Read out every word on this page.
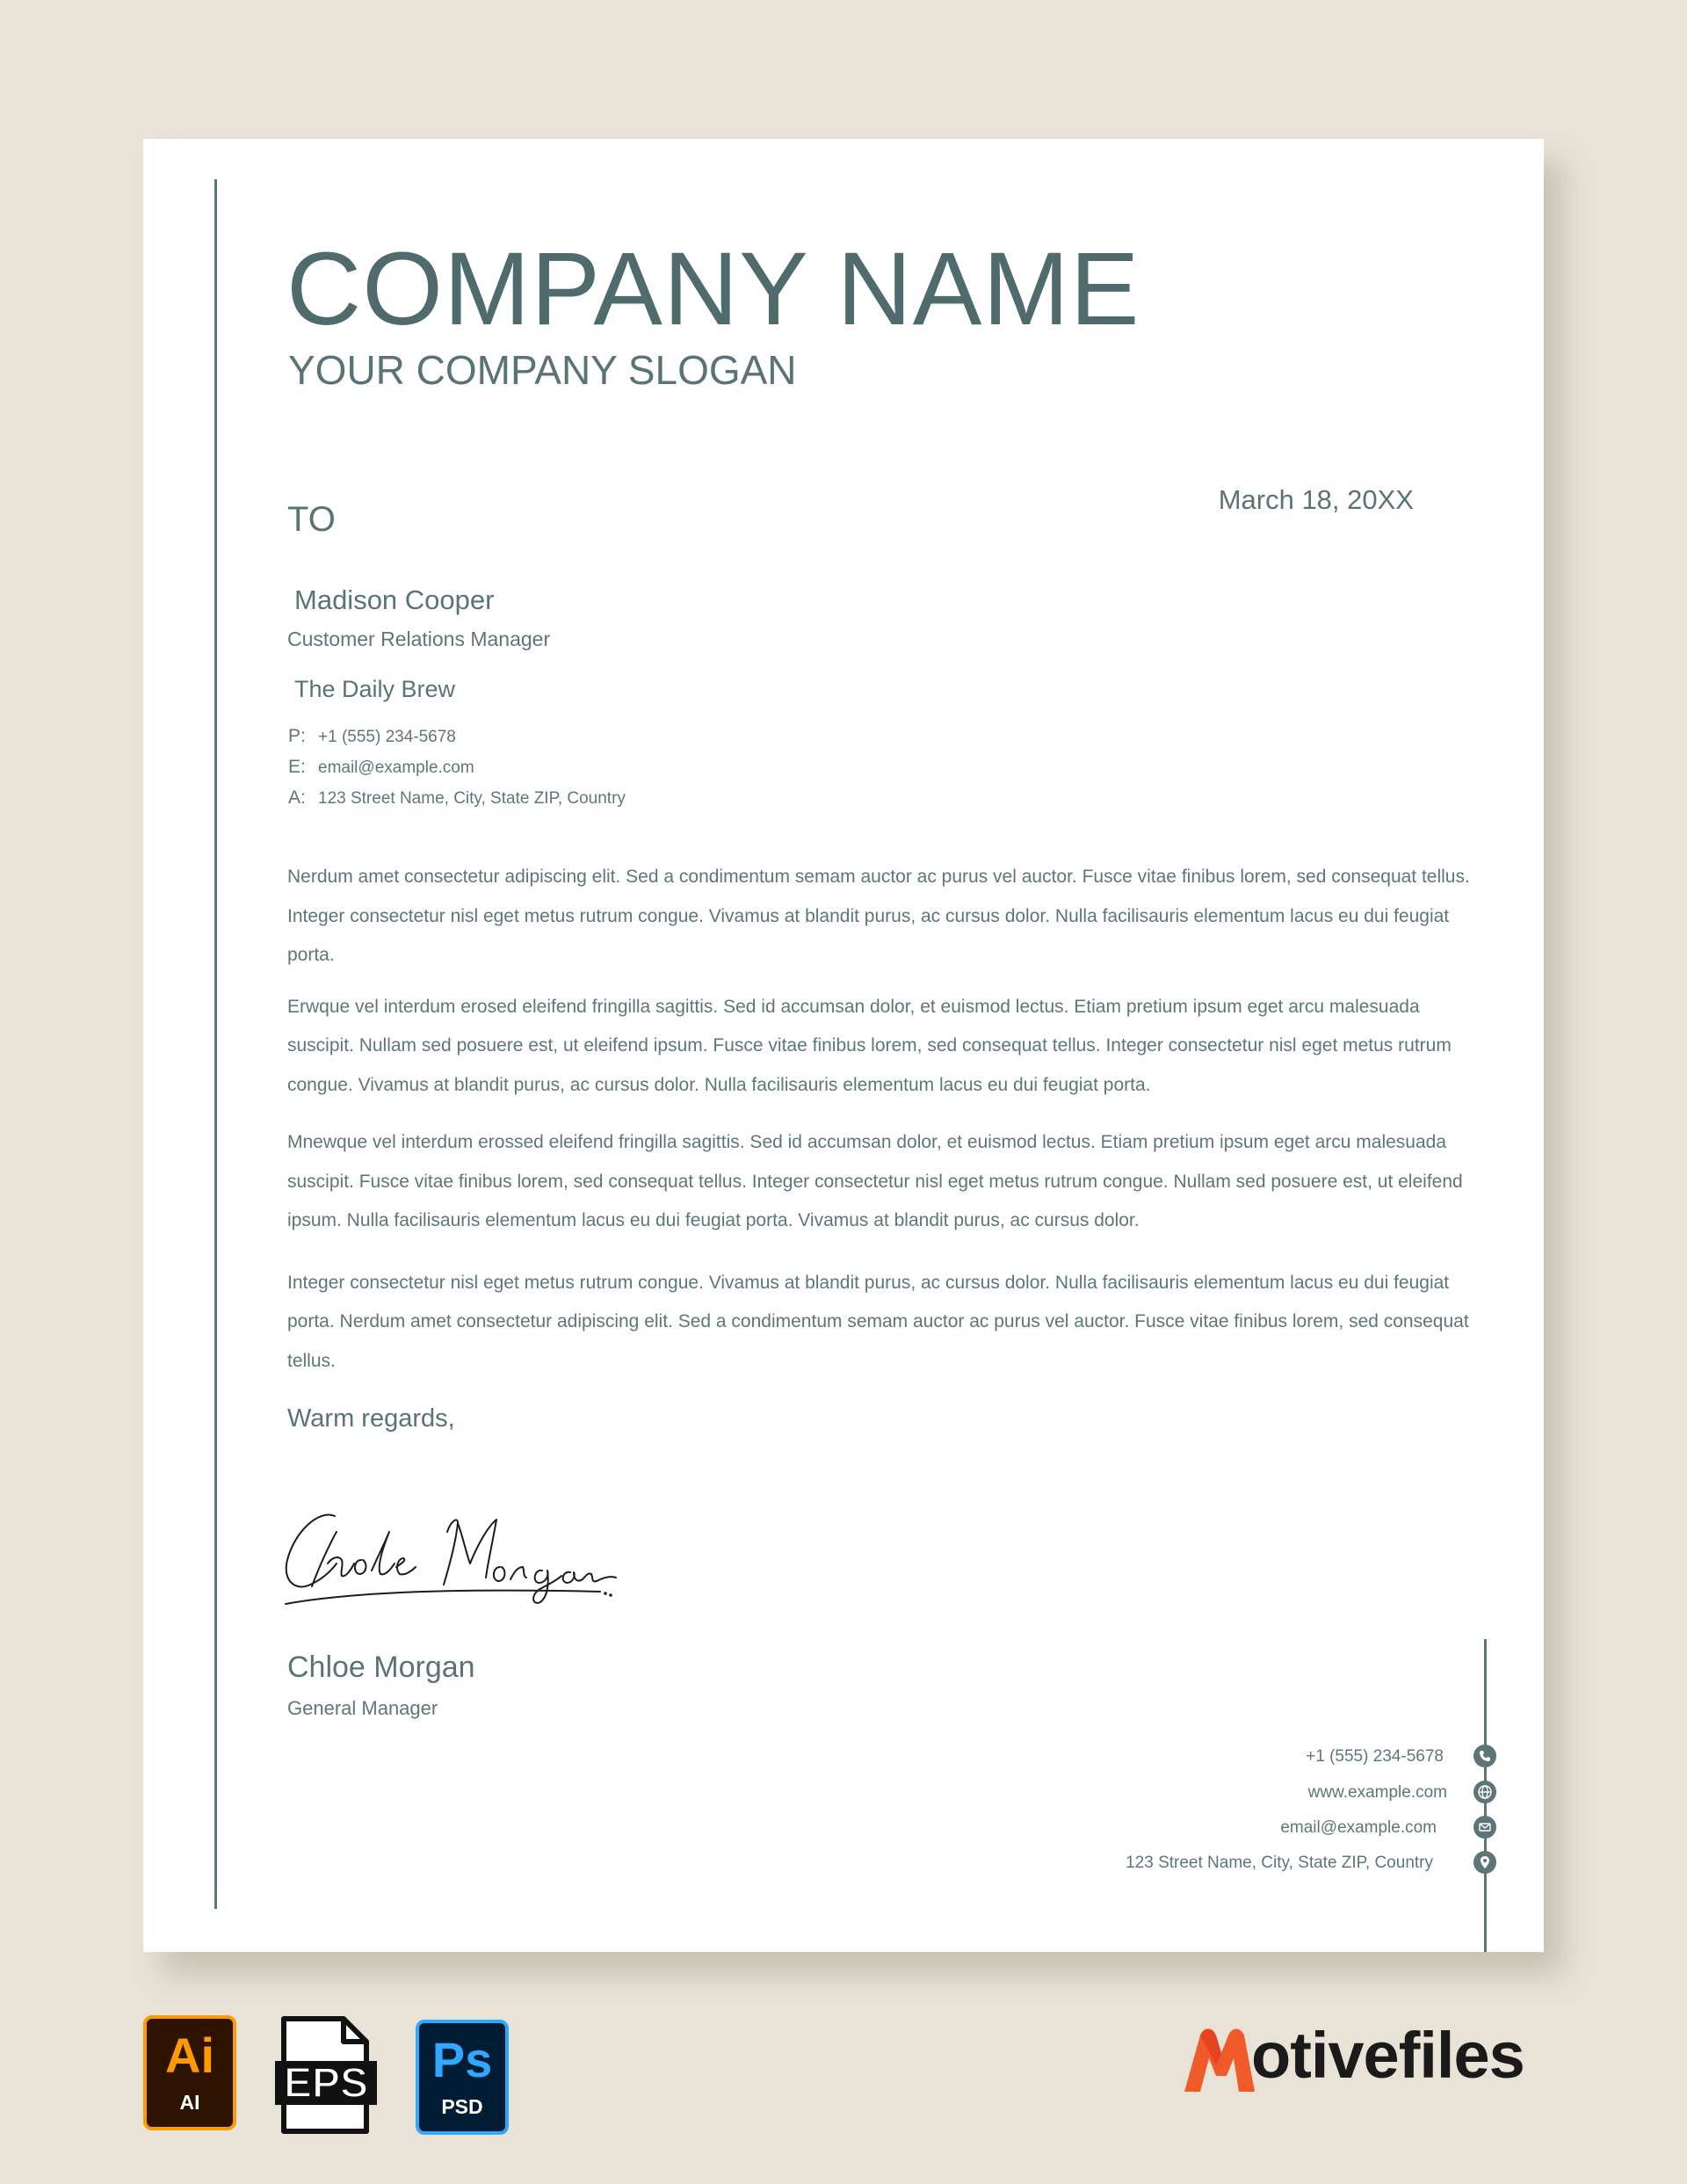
COMPANY NAME
YOUR COMPANY SLOGAN
TO
March 18, 20XX
Madison Cooper
Customer Relations Manager
The Daily Brew
P: +1 (555) 234-5678
E: email@example.com
A: 123 Street Name, City, State ZIP, Country

Nerdum amet consectetur adipiscing elit. Sed a condimentum semam auctor ac purus vel auctor. Fusce vitae finibus lorem, sed consequat tellus. Integer consectetur nisl eget metus rutrum congue. Vivamus at blandit purus, ac cursus dolor. Nulla facilisauris elementum lacus eu dui feugiat porta.

Erwque vel interdum erosed eleifend fringilla sagittis. Sed id accumsan dolor, et euismod lectus. Etiam pretium ipsum eget arcu malesuada suscipit. Nullam sed posuere est, ut eleifend ipsum. Fusce vitae finibus lorem, sed consequat tellus. Integer consectetur nisl eget metus rutrum congue. Vivamus at blandit purus, ac cursus dolor. Nulla facilisauris elementum lacus eu dui feugiat porta.

Mnewque vel interdum erossed eleifend fringilla sagittis. Sed id accumsan dolor, et euismod lectus. Etiam pretium ipsum eget arcu malesuada suscipit. Fusce vitae finibus lorem, sed consequat tellus. Integer consectetur nisl eget metus rutrum congue. Nullam sed posuere est, ut eleifend ipsum. Nulla facilisauris elementum lacus eu dui feugiat porta. Vivamus at blandit purus, ac cursus dolor.

Integer consectetur nisl eget metus rutrum congue. Vivamus at blandit purus, ac cursus dolor. Nulla facilisauris elementum lacus eu dui feugiat porta. Nerdum amet consectetur adipiscing elit. Sed a condimentum semam auctor ac purus vel auctor. Fusce vitae finibus lorem, sed consequat tellus.

Warm regards,
Chloe Morgan
General Manager
+1 (555) 234-5678
www.example.com
email@example.com
123 Street Name, City, State ZIP, Country
Ai
AI	EPS Ps
PSD
otivefiles
